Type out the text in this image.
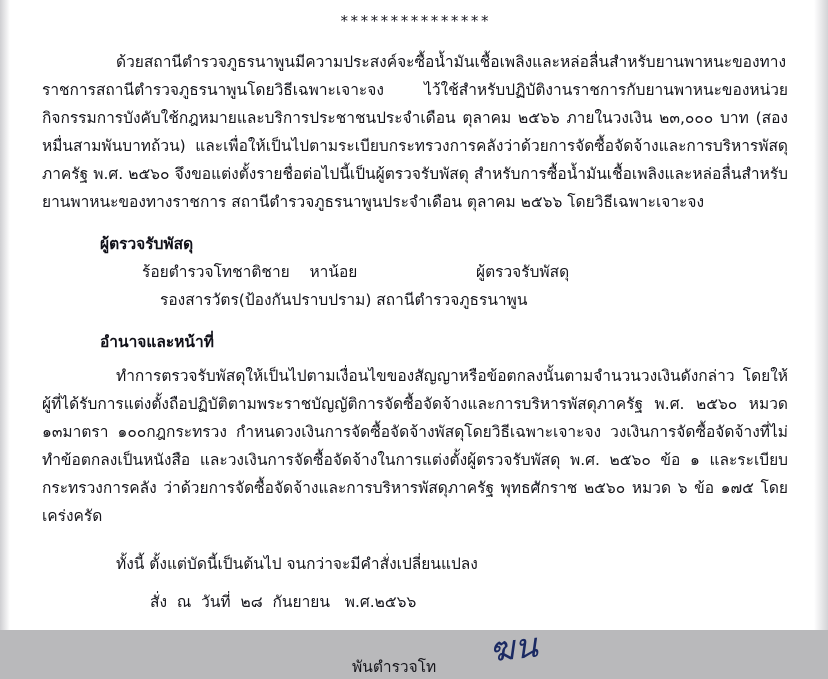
***************
ด้วยสถานีตำรวจภูธรนาพูนมีความประสงค์จะซื้อน้ำมันเชื้อเพลิงและหล่อลื่นสำหรับยานพาหนะของทางราชการสถานีตำรวจภูธรนาพูนโดยวิธีเฉพาะเจาะจง ไว้ใช้สำหรับปฏิบัติงานราชการกับยานพาหนะของหน่วยกิจกรรมการบังคับใช้กฎหมายและบริการประชาชนประจำเดือน ตุลาคม ๒๕๖๖ ภายในวงเงิน ๒๓,๐๐๐ บาท (สองหมื่นสามพันบาทถ้วน) และเพื่อให้เป็นไปตามระเบียบกระทรวงการคลังว่าด้วยการจัดซื้อจัดจ้างและการบริหารพัสดุภาครัฐ พ.ศ. ๒๕๖๐ จึงขอแต่งตั้งรายชื่อต่อไปนี้เป็นผู้ตรวจรับพัสดุ สำหรับการซื้อน้ำมันเชื้อเพลิงและหล่อลื่นสำหรับยานพาหนะของทางราชการ สถานีตำรวจภูธรนาพูนประจำเดือน ตุลาคม ๒๕๖๖ โดยวิธีเฉพาะเจาะจง
ผู้ตรวจรับพัสดุ
ร้อยตำรวจโทชาติชาย    หาน้อย	ผู้ตรวจรับพัสดุ
รองสารวัตร(ป้องกันปราบปราม) สถานีตำรวจภูธรนาพูน
อำนาจและหน้าที่
ทำการตรวจรับพัสดุให้เป็นไปตามเงื่อนไขของสัญญาหรือข้อตกลงนั้นตามจำนวนวงเงินดังกล่าว โดยให้ผู้ที่ได้รับการแต่งตั้งถือปฏิบัติตามพระราชบัญญัติการจัดซื้อจัดจ้างและการบริหารพัสดุภาครัฐ พ.ศ. ๒๕๖๐ หมวด ๑๓มาตรา ๑๐๐กฎกระทรวง กำหนดวงเงินการจัดซื้อจัดจ้างพัสดุโดยวิธีเฉพาะเจาะจง วงเงินการจัดซื้อจัดจ้างที่ไม่ทำข้อตกลงเป็นหนังสือ และวงเงินการจัดซื้อจัดจ้างในการแต่งตั้งผู้ตรวจรับพัสดุ พ.ศ. ๒๕๖๐ ข้อ ๑ และระเบียบกระทรวงการคลัง ว่าด้วยการจัดซื้อจัดจ้างและการบริหารพัสดุภาครัฐ พุทธศักราช ๒๕๖๐ หมวด ๖ ข้อ ๑๗๕ โดยเคร่งครัด
ทั้งนี้ ตั้งแต่บัดนี้เป็นต้นไป จนกว่าจะมีคำสั่งเปลี่ยนแปลง
สั่ง  ณ  วันที่  ๒๘  กันยายน   พ.ศ.๒๕๖๖
ฆน
พันตำรวจโท
